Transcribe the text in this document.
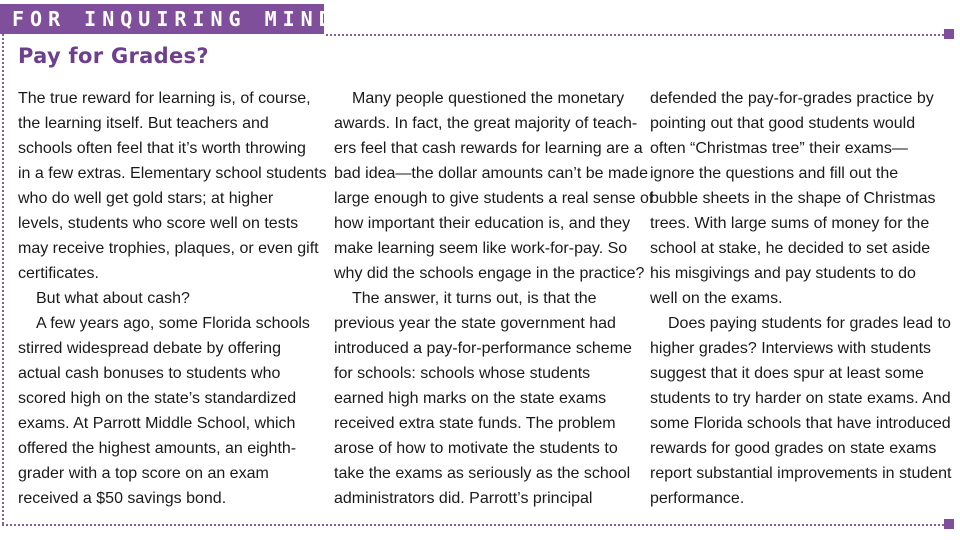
FOR INQUIRING MINDS
Pay for Grades?
The true reward for learning is, of course,
the learning itself. But teachers and
schools often feel that it’s worth throwing
in a few extras. Elementary school students
who do well get gold stars; at higher
levels, students who score well on tests
may receive trophies, plaques, or even gift
certificates.
But what about cash?
A few years ago, some Florida schools
stirred widespread debate by offering
actual cash bonuses to students who
scored high on the state’s standardized
exams. At Parrott Middle School, which
offered the highest amounts, an eighth-
grader with a top score on an exam
received a $50 savings bond.
Many people questioned the monetary
awards. In fact, the great majority of teach-
ers feel that cash rewards for learning are a
bad idea—the dollar amounts can’t be made
large enough to give students a real sense of
how important their education is, and they
make learning seem like work-for-pay. So
why did the schools engage in the practice?
The answer, it turns out, is that the
previous year the state government had
introduced a pay-for-performance scheme
for schools: schools whose students
earned high marks on the state exams
received extra state funds. The problem
arose of how to motivate the students to
take the exams as seriously as the school
administrators did. Parrott’s principal
defended the pay-for-grades practice by
pointing out that good students would
often “Christmas tree” their exams—
ignore the questions and fill out the
bubble sheets in the shape of Christmas
trees. With large sums of money for the
school at stake, he decided to set aside
his misgivings and pay students to do
well on the exams.
Does paying students for grades lead to
higher grades? Interviews with students
suggest that it does spur at least some
students to try harder on state exams. And
some Florida schools that have introduced
rewards for good grades on state exams
report substantial improvements in student
performance.
